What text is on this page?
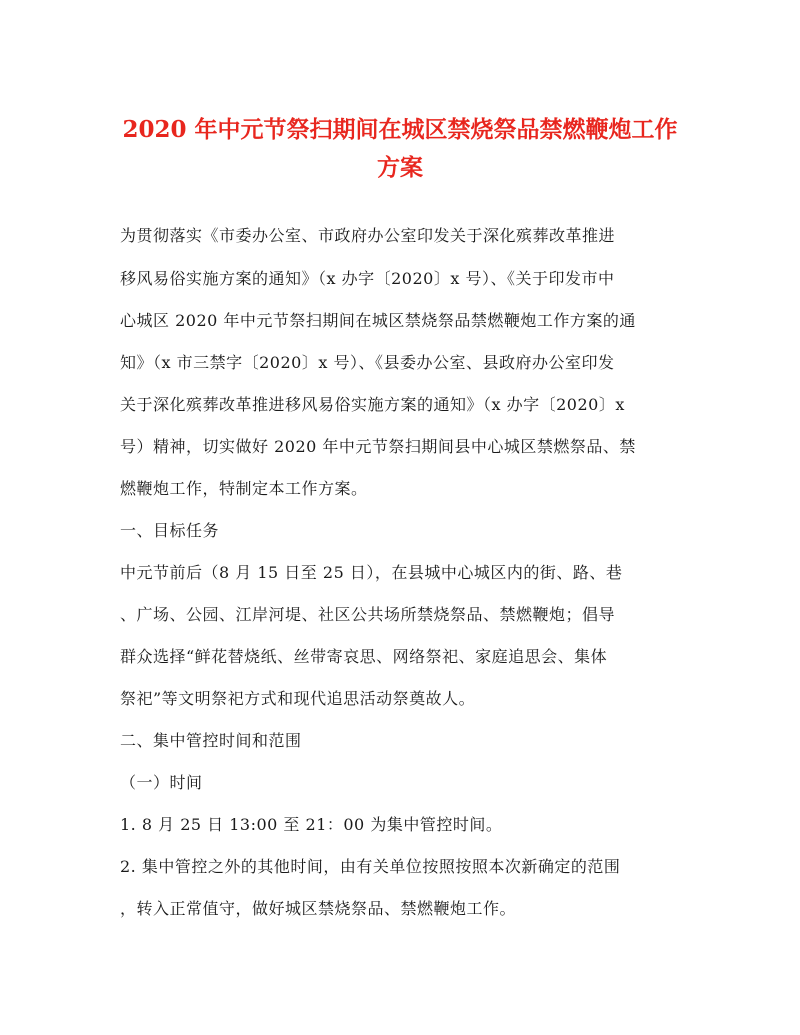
2020 年中元节祭扫期间在城区禁烧祭品禁燃鞭炮工作
方案
为贯彻落实《市委办公室、市政府办公室印发关于深化殡葬改革推进
移风易俗实施方案的通知》（x 办字〔2020〕x 号）、《关于印发市中
心城区 2020 年中元节祭扫期间在城区禁烧祭品禁燃鞭炮工作方案的通
知》（x 市三禁字〔2020〕x 号）、《县委办公室、县政府办公室印发
关于深化殡葬改革推进移风易俗实施方案的通知》（x 办字〔2020〕x
号）精神，切实做好 2020 年中元节祭扫期间县中心城区禁燃祭品、禁
燃鞭炮工作，特制定本工作方案。
一、目标任务
中元节前后（8 月 15 日至 25 日），在县城中心城区内的街、路、巷
、广场、公园、江岸河堤、社区公共场所禁烧祭品、禁燃鞭炮；倡导
群众选择“鲜花替烧纸、丝带寄哀思、网络祭祀、家庭追思会、集体
祭祀”等文明祭祀方式和现代追思活动祭奠故人。
二、集中管控时间和范围
（一）时间
1. 8 月 25 日 13:00 至 21：00 为集中管控时间。
2. 集中管控之外的其他时间，由有关单位按照按照本次新确定的范围
，转入正常值守，做好城区禁烧祭品、禁燃鞭炮工作。
